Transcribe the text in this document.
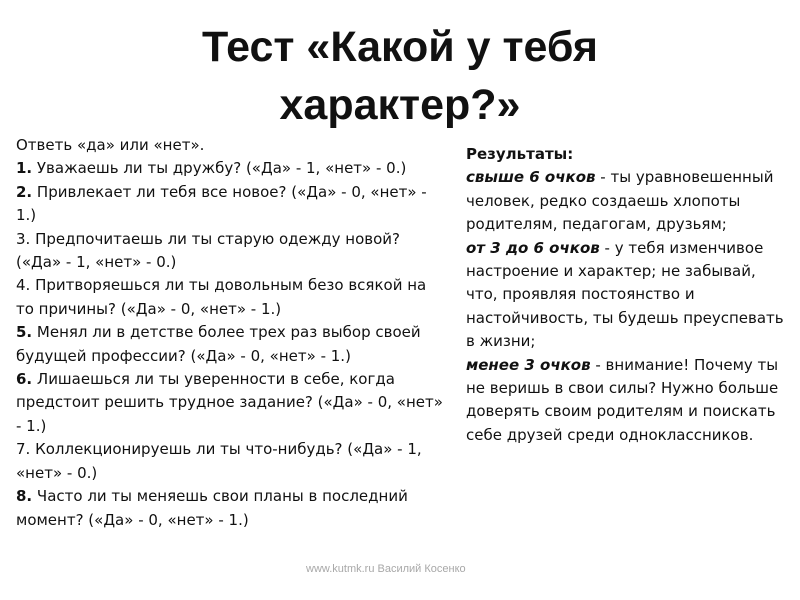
Тест «Какой у тебя
характер?»
Ответь «да» или «нет».
1. Уважаешь ли ты дружбу? («Да» - 1, «нет» - 0.)
2. Привлекает ли тебя все новое? («Да» - 0, «нет» - 1.)
3. Предпочитаешь ли ты старую одежду новой? («Да» - 1, «нет» - 0.)
4. Притворяешься ли ты довольным безо всякой на то причины? («Да» - 0, «нет» - 1.)
5. Менял ли в детстве более трех раз выбор своей будущей профессии? («Да» - 0, «нет» - 1.)
6. Лишаешься ли ты уверенности в себе, когда предстоит решить трудное задание? («Да» - 0, «нет» - 1.)
7. Коллекционируешь ли ты что-нибудь? («Да» - 1, «нет» - 0.)
8. Часто ли ты меняешь свои планы в последний момент? («Да» - 0, «нет» - 1.)
Результаты:
свыше 6 очков - ты уравновешенный человек, редко создаешь хлопоты родителям, педагогам, друзьям;
от 3 до 6 очков - у тебя изменчивое настроение и характер; не забывай, что, проявляя постоянство и настойчивость, ты будешь преуспевать в жизни;
менее 3 очков - внимание! Почему ты не веришь в свои силы? Нужно больше доверять своим родителям и поискать себе друзей среди одноклассников.
www.kutmk.ru Василий Косенко
